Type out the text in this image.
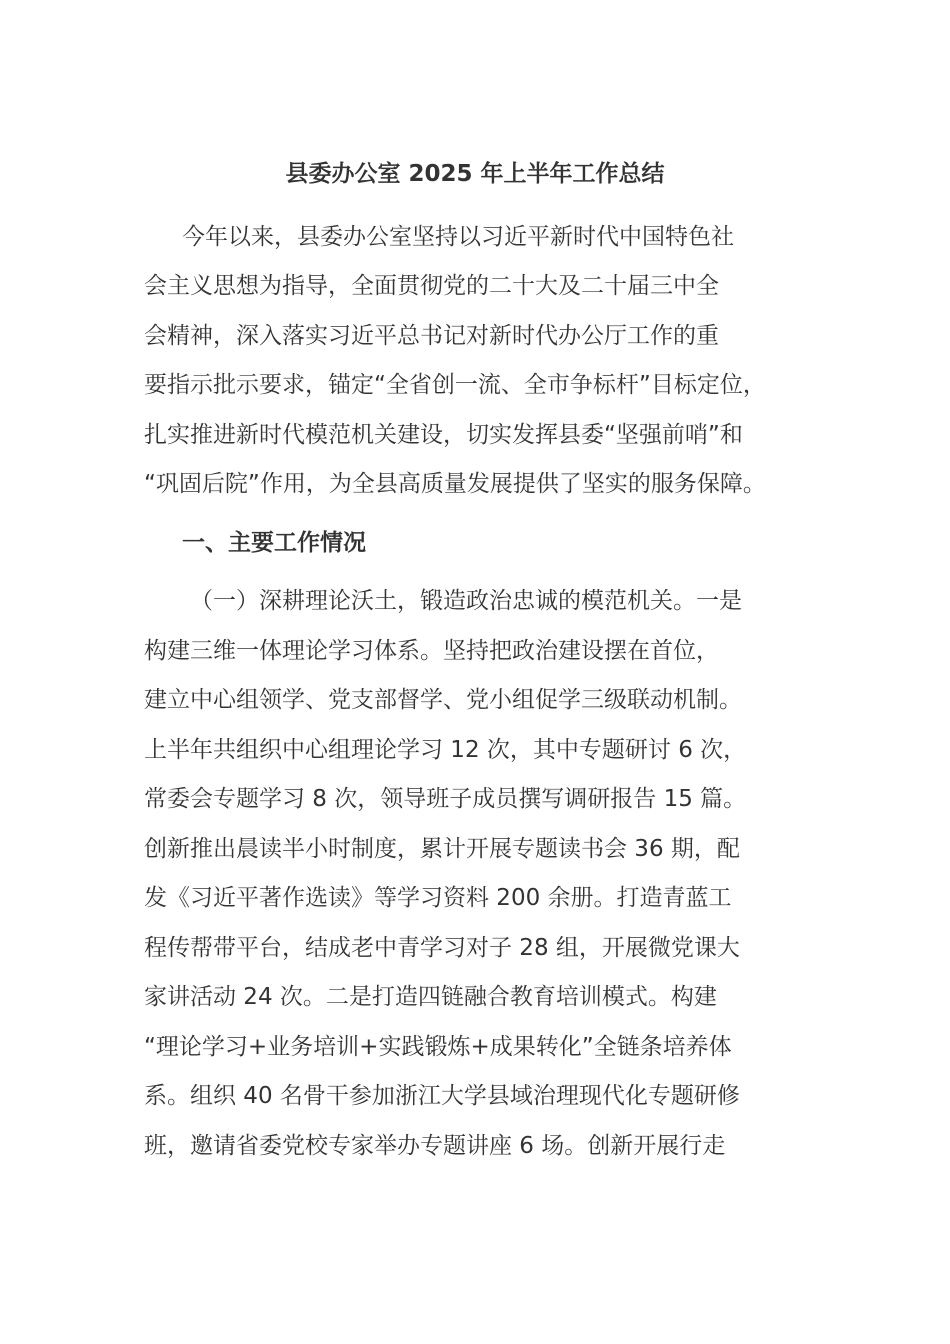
县委办公室 2025 年上半年工作总结
今年以来，县委办公室坚持以习近平新时代中国特色社
会主义思想为指导，全面贯彻党的二十大及二十届三中全
会精神，深入落实习近平总书记对新时代办公厅工作的重
要指示批示要求，锚定“全省创一流、全市争标杆”目标定位，
扎实推进新时代模范机关建设，切实发挥县委“坚强前哨”和
“巩固后院”作用，为全县高质量发展提供了坚实的服务保障。
一、主要工作情况
（一）深耕理论沃土，锻造政治忠诚的模范机关。一是
构建三维一体理论学习体系。坚持把政治建设摆在首位，
建立中心组领学、党支部督学、党小组促学三级联动机制。
上半年共组织中心组理论学习 12 次，其中专题研讨 6 次，
常委会专题学习 8 次，领导班子成员撰写调研报告 15 篇。
创新推出晨读半小时制度，累计开展专题读书会 36 期，配
发《习近平著作选读》等学习资料 200 余册。打造青蓝工
程传帮带平台，结成老中青学习对子 28 组，开展微党课大
家讲活动 24 次。二是打造四链融合教育培训模式。构建
“理论学习+业务培训+实践锻炼+成果转化”全链条培养体
系。组织 40 名骨干参加浙江大学县域治理现代化专题研修
班，邀请省委党校专家举办专题讲座 6 场。创新开展行走
